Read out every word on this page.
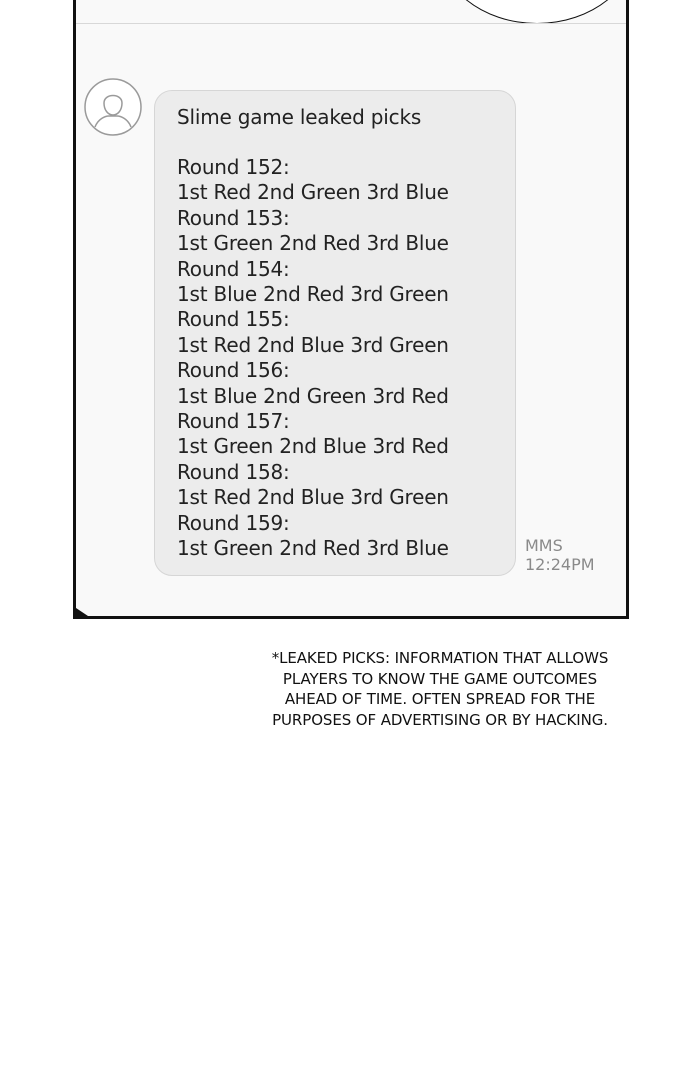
Slime game leaked picks
Round 152:
1st Red 2nd Green 3rd Blue
Round 153:
1st Green 2nd Red 3rd Blue
Round 154:
1st Blue 2nd Red 3rd Green
Round 155:
1st Red 2nd Blue 3rd Green
Round 156:
1st Blue 2nd Green 3rd Red
Round 157:
1st Green 2nd Blue 3rd Red
Round 158:
1st Red 2nd Blue 3rd Green
Round 159:
1st Green 2nd Red 3rd Blue	MMS
12:24PM
*LEAKED PICKS: INFORMATION THAT ALLOWS
PLAYERS TO KNOW THE GAME OUTCOMES
AHEAD OF TIME. OFTEN SPREAD FOR THE
PURPOSES OF ADVERTISING OR BY HACKING.
